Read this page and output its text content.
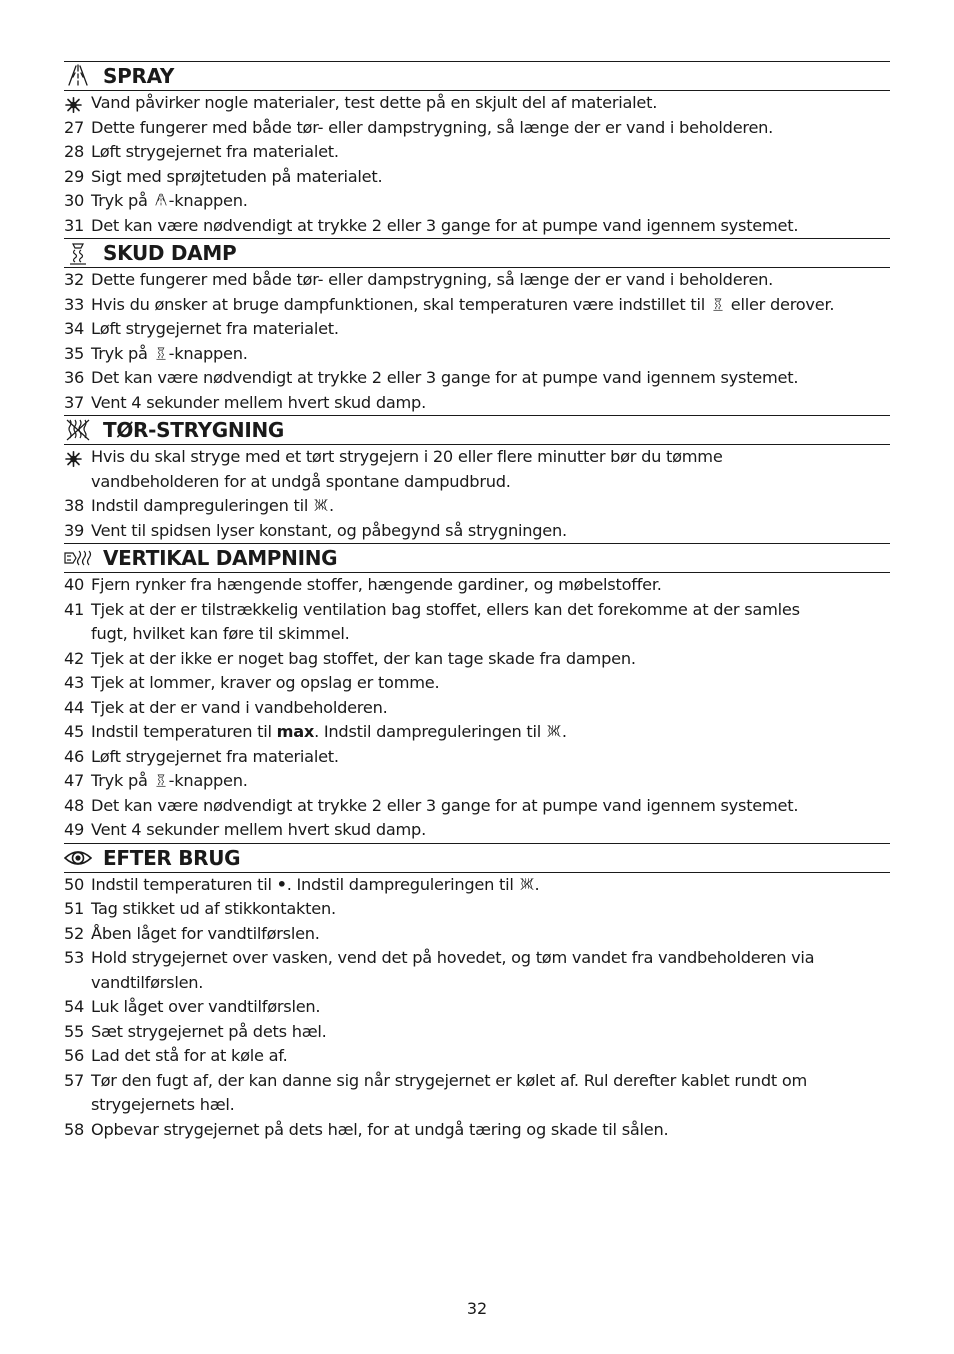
SPRAY
Vand påvirker nogle materialer, test dette på en skjult del af materialet.
27 Dette fungerer med både tør- eller dampstrygning, så længe der er vand i beholderen.
28 Løft strygejernet fra materialet.
29 Sigt med sprøjtetuden på materialet.
30 Tryk på -knappen.
31 Det kan være nødvendigt at trykke 2 eller 3 gange for at pumpe vand igennem systemet.
SKUD DAMP
32 Dette fungerer med både tør- eller dampstrygning, så længe der er vand i beholderen.
33 Hvis du ønsker at bruge dampfunktionen, skal temperaturen være indstillet til  eller derover.
34 Løft strygejernet fra materialet.
35 Tryk på -knappen.
36 Det kan være nødvendigt at trykke 2 eller 3 gange for at pumpe vand igennem systemet.
37 Vent 4 sekunder mellem hvert skud damp.
TØR-STRYGNING
Hvis du skal stryge med et tørt strygejern i 20 eller flere minutter bør du tømme
vandbeholderen for at undgå spontane dampudbrud.
38 Indstil dampreguleringen til .
39 Vent til spidsen lyser konstant, og påbegynd så strygningen.
VERTIKAL DAMPNING
40 Fjern rynker fra hængende stoffer, hængende gardiner, og møbelstoffer.
41 Tjek at der er tilstrækkelig ventilation bag stoffet, ellers kan det forekomme at der samles
fugt, hvilket kan føre til skimmel.
42 Tjek at der ikke er noget bag stoffet, der kan tage skade fra dampen.
43 Tjek at lommer, kraver og opslag er tomme.
44 Tjek at der er vand i vandbeholderen.
45 Indstil temperaturen til max. Indstil dampreguleringen til .
46 Løft strygejernet fra materialet.
47 Tryk på -knappen.
48 Det kan være nødvendigt at trykke 2 eller 3 gange for at pumpe vand igennem systemet.
49 Vent 4 sekunder mellem hvert skud damp.
EFTER BRUG
50 Indstil temperaturen til •. Indstil dampreguleringen til .
51 Tag stikket ud af stikkontakten.
52 Åben låget for vandtilførslen.
53 Hold strygejernet over vasken, vend det på hovedet, og tøm vandet fra vandbeholderen via
vandtilførslen.
54 Luk låget over vandtilførslen.
55 Sæt strygejernet på dets hæl.
56 Lad det stå for at køle af.
57 Tør den fugt af, der kan danne sig når strygejernet er kølet af. Rul derefter kablet rundt om
strygejernets hæl.
58 Opbevar strygejernet på dets hæl, for at undgå tæring og skade til sålen.
32
